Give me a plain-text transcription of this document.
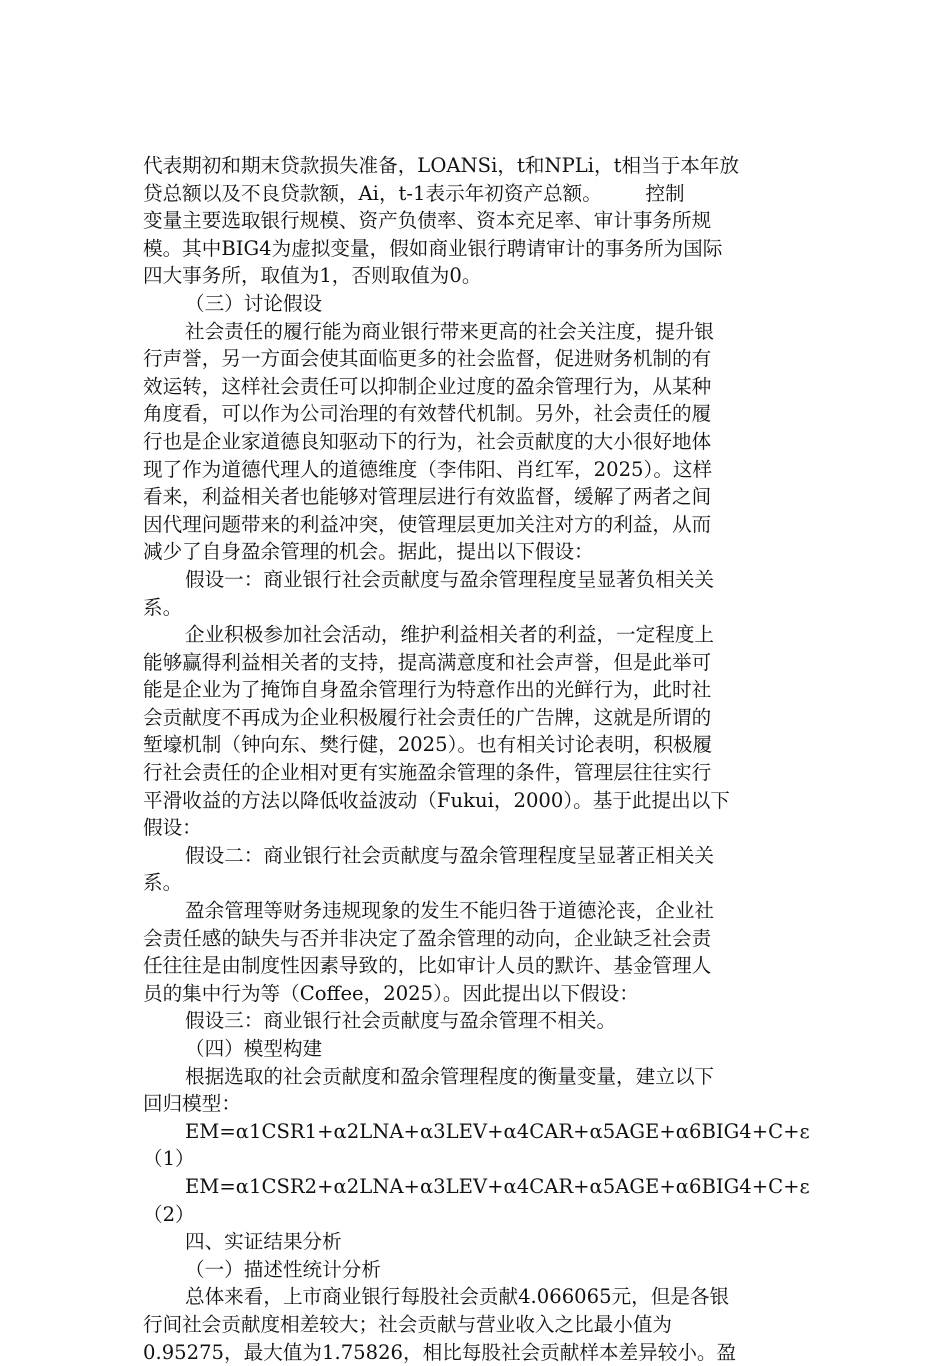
代表期初和期末贷款损失准备，LOANSi，t和NPLi，t相当于本年放
贷总额以及不良贷款额，Ai，t-1表示年初资产总额。       控制
变量主要选取银行规模、资产负债率、资本充足率、审计事务所规
模。其中BIG4为虚拟变量，假如商业银行聘请审计的事务所为国际
四大事务所，取值为1，否则取值为0。
（三）讨论假设
社会责任的履行能为商业银行带来更高的社会关注度，提升银
行声誉，另一方面会使其面临更多的社会监督，促进财务机制的有
效运转，这样社会责任可以抑制企业过度的盈余管理行为，从某种
角度看，可以作为公司治理的有效替代机制。另外，社会责任的履
行也是企业家道德良知驱动下的行为，社会贡献度的大小很好地体
现了作为道德代理人的道德维度（李伟阳、肖红军，2025）。这样
看来，利益相关者也能够对管理层进行有效监督，缓解了两者之间
因代理问题带来的利益冲突，使管理层更加关注对方的利益，从而
减少了自身盈余管理的机会。据此，提出以下假设：
假设一：商业银行社会贡献度与盈余管理程度呈显著负相关关
系。
企业积极参加社会活动，维护利益相关者的利益，一定程度上
能够赢得利益相关者的支持，提高满意度和社会声誉，但是此举可
能是企业为了掩饰自身盈余管理行为特意作出的光鲜行为，此时社
会贡献度不再成为企业积极履行社会责任的广告牌，这就是所谓的
堑壕机制（钟向东、樊行健，2025）。也有相关讨论表明，积极履
行社会责任的企业相对更有实施盈余管理的条件，管理层往往实行
平滑收益的方法以降低收益波动（Fukui，2000）。基于此提出以下
假设：
假设二：商业银行社会贡献度与盈余管理程度呈显著正相关关
系。
盈余管理等财务违规现象的发生不能归咎于道德沦丧，企业社
会责任感的缺失与否并非决定了盈余管理的动向，企业缺乏社会责
任往往是由制度性因素导致的，比如审计人员的默许、基金管理人
员的集中行为等（Coffee，2025）。因此提出以下假设：
假设三：商业银行社会贡献度与盈余管理不相关。
（四）模型构建
根据选取的社会贡献度和盈余管理程度的衡量变量，建立以下
回归模型：
EM=α1CSR1+α2LNA+α3LEV+α4CAR+α5AGE+α6BIG4+C+ε
（1）
EM=α1CSR2+α2LNA+α3LEV+α4CAR+α5AGE+α6BIG4+C+ε
（2）
四、实证结果分析
（一）描述性统计分析
总体来看，上市商业银行每股社会贡献4.066065元，但是各银
行间社会贡献度相差较大；社会贡献与营业收入之比最小值为
0.95275，最大值为1.75826，相比每股社会贡献样本差异较小。盈
